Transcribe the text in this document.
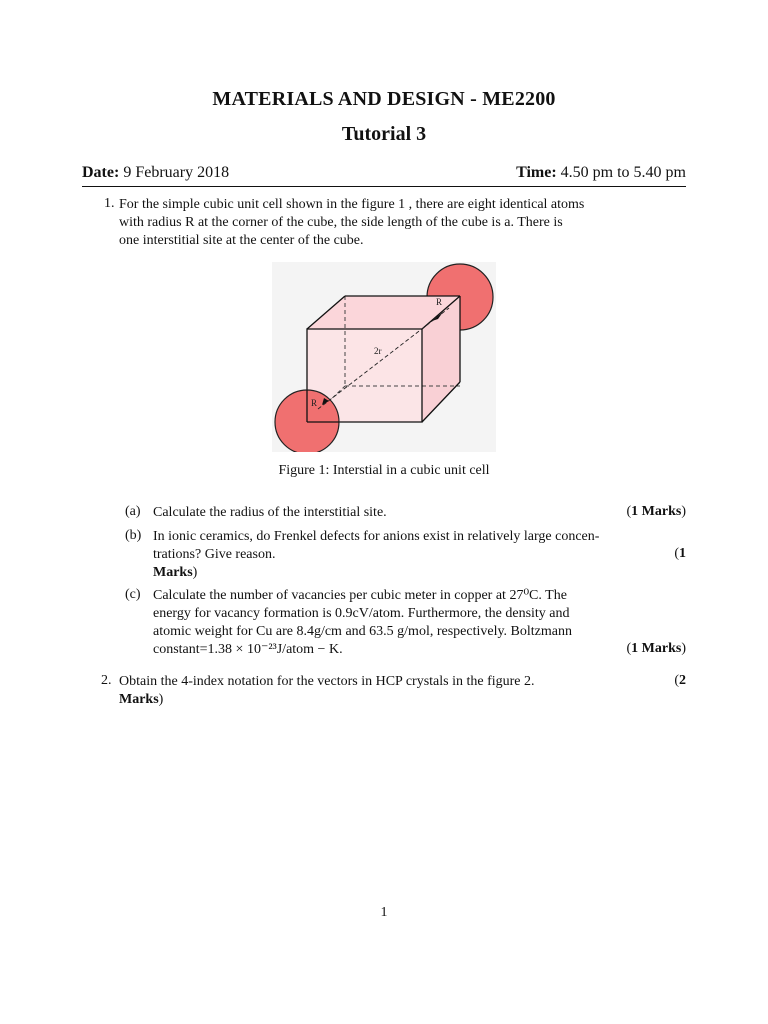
MATERIALS AND DESIGN - ME2200
Tutorial 3
Date: 9 February 2018	Time: 4.50 pm to 5.40 pm
1. For the simple cubic unit cell shown in the figure 1 , there are eight identical atoms
with radius R at the corner of the cube, the side length of the cube is a. There is
one interstitial site at the center of the cube.
R
R
2r
Figure 1: Interstial in a cubic unit cell
(a) Calculate the radius of the interstitial site.	(1 Marks)
(b) In ionic ceramics, do Frenkel defects for anions exist in relatively large concen-
trations? Give reason.
Marks)
(1
(c) Calculate the number of vacancies per cubic meter in copper at 27⁰C. The
energy for vacancy formation is 0.9cV/atom. Furthermore, the density and
atomic weight for Cu are 8.4g/cm and 63.5 g/mol, respectively. Boltzmann
constant=1.38 × 10⁻²³J/atom − K.	(1 Marks)
2. Obtain the 4-index notation for the vectors in HCP crystals in the figure 2.
Marks)
(2
1
